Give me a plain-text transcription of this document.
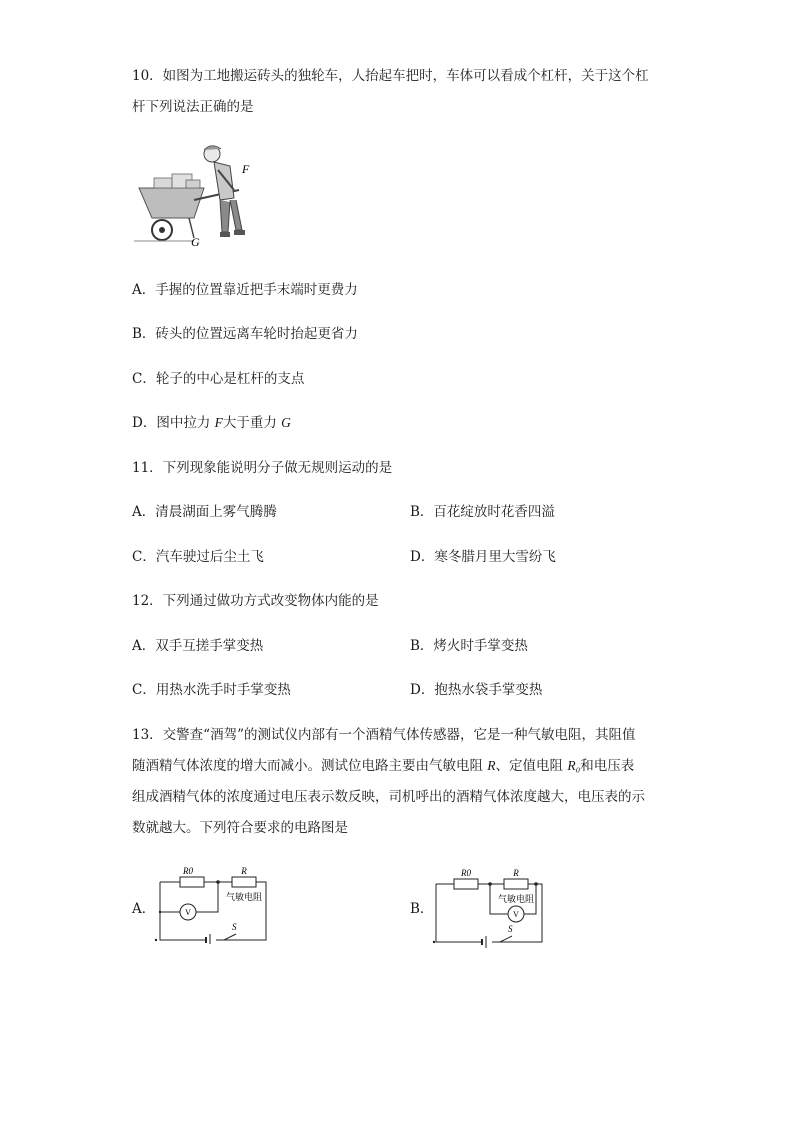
10．如图为工地搬运砖头的独轮车，人抬起车把时，车体可以看成个杠杆，关于这个杠
杆下列说法正确的是
F
G
A．手握的位置靠近把手末端时更费力
B．砖头的位置远离车轮时抬起更省力
C．轮子的中心是杠杆的支点
D．图中拉力 F大于重力 G
11．下列现象能说明分子做无规则运动的是
A．清晨湖面上雾气腾腾	B．百花绽放时花香四溢
C．汽车驶过后尘土飞	D．寒冬腊月里大雪纷飞
12．下列通过做功方式改变物体内能的是
A．双手互搓手掌变热	B．烤火时手掌变热
C．用热水洗手时手掌变热	D．抱热水袋手掌变热
13．交警查“酒驾”的测试仪内部有一个酒精气体传感器，它是一种气敏电阻，其阻值
随酒精气体浓度的增大而减小。测试位电路主要由气敏电阻 R、定值电阻 R₀和电压表
组成酒精气体的浓度通过电压表示数反映，司机呼出的酒精气体浓度越大，电压表的示
数就越大。下列符合要求的电路图是
A．
R0	R
气敏电阻
V
S
B．
R0	R
气敏电阻
V
S
